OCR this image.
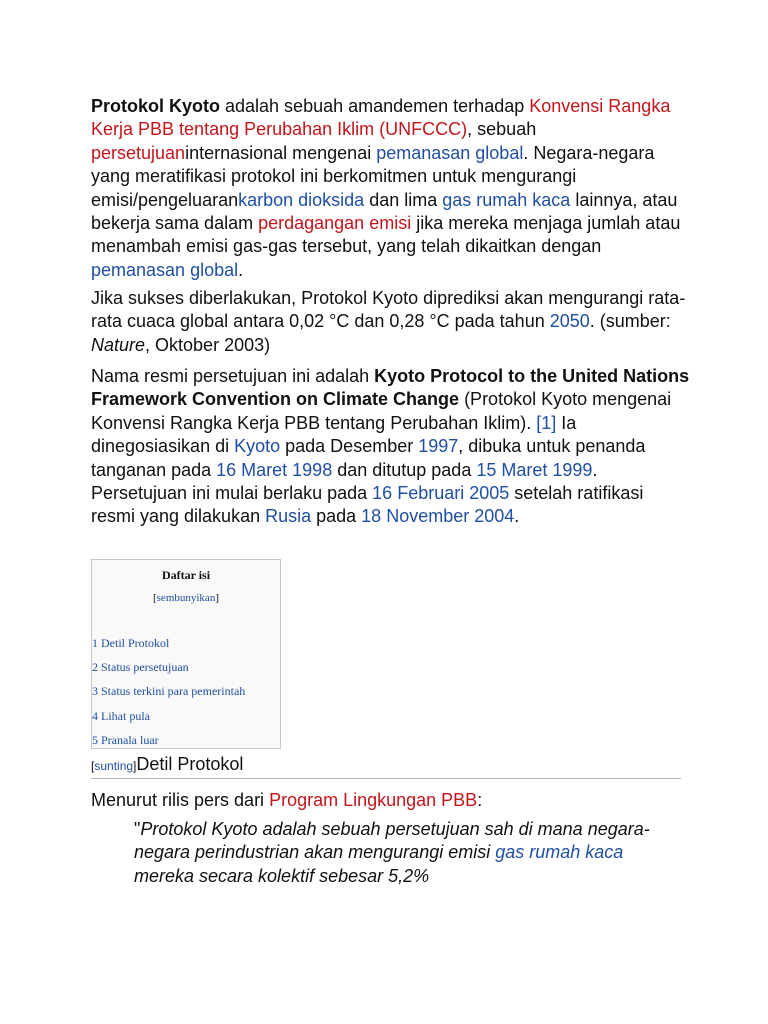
Protokol Kyoto adalah sebuah amandemen terhadap Konvensi Rangka Kerja PBB tentang Perubahan Iklim (UNFCCC), sebuah persetujuaninternasional mengenai pemanasan global. Negara-negara yang meratifikasi protokol ini berkomitmen untuk mengurangi emisi/pengeluarankarbon dioksida dan lima gas rumah kaca lainnya, atau bekerja sama dalam perdagangan emisi jika mereka menjaga jumlah atau menambah emisi gas-gas tersebut, yang telah dikaitkan dengan pemanasan global.

Jika sukses diberlakukan, Protokol Kyoto diprediksi akan mengurangi rata-rata cuaca global antara 0,02 °C dan 0,28 °C pada tahun 2050. (sumber: Nature, Oktober 2003)

Nama resmi persetujuan ini adalah Kyoto Protocol to the United Nations Framework Convention on Climate Change (Protokol Kyoto mengenai Konvensi Rangka Kerja PBB tentang Perubahan Iklim). [1] Ia dinegosiasikan di Kyoto pada Desember 1997, dibuka untuk penanda tanganan pada 16 Maret 1998 dan ditutup pada 15 Maret 1999. Persetujuan ini mulai berlaku pada 16 Februari 2005 setelah ratifikasi resmi yang dilakukan Rusia pada 18 November 2004.

Daftar isi
[sembunyikan]
1 Detil Protokol
2 Status persetujuan
3 Status terkini para pemerintah
4 Lihat pula
5 Pranala luar
[sunting]Detil Protokol

Menurut rilis pers dari Program Lingkungan PBB:

"Protokol Kyoto adalah sebuah persetujuan sah di mana negara-negara perindustrian akan mengurangi emisi gas rumah kaca mereka secara kolektif sebesar 5,2%
